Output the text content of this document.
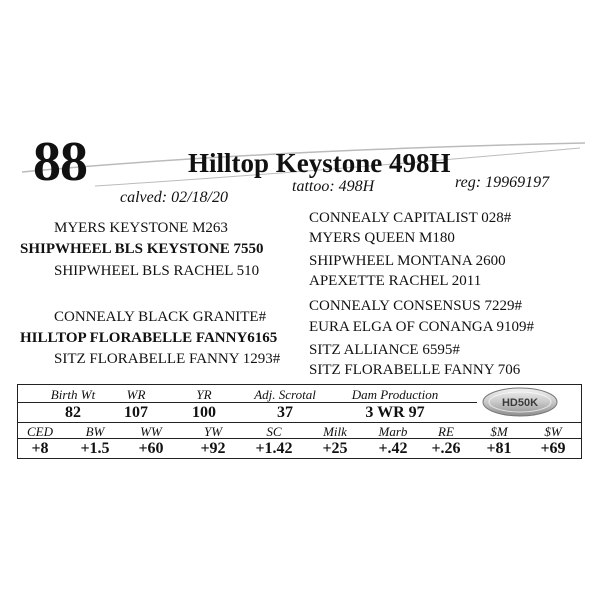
88	Hilltop Keystone 498H
calved: 02/18/20
tattoo: 498H	reg: 19969197
MYERS KEYSTONE M263
SHIPWHEEL BLS KEYSTONE 7550
SHIPWHEEL BLS RACHEL 510
CONNEALY BLACK GRANITE#
HILLTOP FLORABELLE FANNY6165
SITZ FLORABELLE FANNY 1293#
CONNEALY CAPITALIST 028#
MYERS QUEEN M180
SHIPWHEEL MONTANA 2600
APEXETTE RACHEL 2011
CONNEALY CONSENSUS 7229#
EURA ELGA OF CONANGA 9109#
SITZ ALLIANCE 6595#
SITZ FLORABELLE FANNY 706
Birth Wt	WR	YR	Adj. Scrotal	Dam Production
82	107	100	37	3 WR 97
CED	BW	WW	YW	SC	Milk	Marb	RE	$M	$W
+8	+1.5	+60	+92	+1.42	+25	+.42	+.26	+81	+69
HD50K
